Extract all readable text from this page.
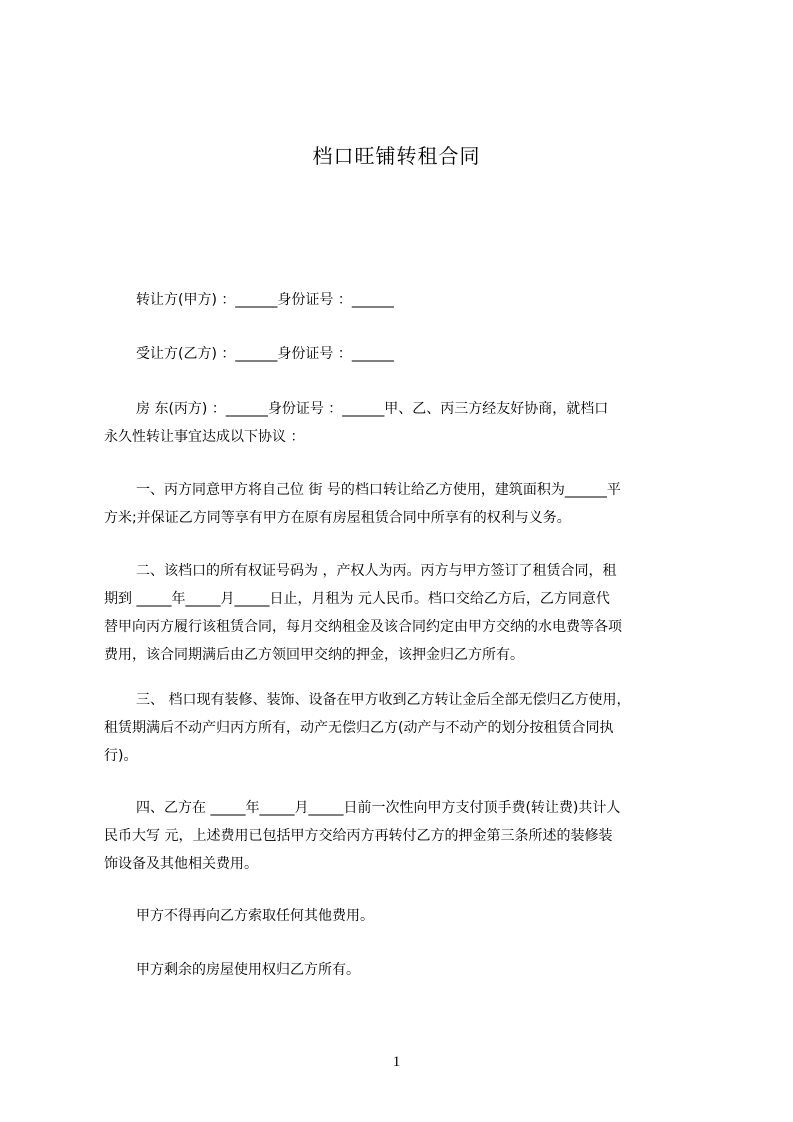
档口旺铺转租合同
转让方(甲方) ：______身份证号 ：______
受让方(乙方) ：______身份证号 ：______
房 东(丙方) ：______身份证号 ：______甲、乙、丙三方经友好协商，就档口
永久性转让事宜达成以下协议 ：
一、丙方同意甲方将自己位 街 号的档口转让给乙方使用，建筑面积为______平
方米;并保证乙方同等享有甲方在原有房屋租赁合同中所享有的权利与义务。
二、该档口的所有权证号码为 ，产权人为丙。丙方与甲方签订了租赁合同，租
期到 _____年_____月_____日止，月租为 元人民币。档口交给乙方后，乙方同意代
替甲向丙方履行该租赁合同，每月交纳租金及该合同约定由甲方交纳的水电费等各项
费用，该合同期满后由乙方领回甲交纳的押金，该押金归乙方所有。
三、 档口现有装修、装饰、设备在甲方收到乙方转让金后全部无偿归乙方使用，
租赁期满后不动产归丙方所有，动产无偿归乙方(动产与不动产的划分按租赁合同执
行)。
四、乙方在 _____年_____月_____日前一次性向甲方支付顶手费(转让费)共计人
民币大写 元，上述费用已包括甲方交给丙方再转付乙方的押金第三条所述的装修装
饰设备及其他相关费用。
甲方不得再向乙方索取任何其他费用。
甲方剩余的房屋使用权归乙方所有。
1
